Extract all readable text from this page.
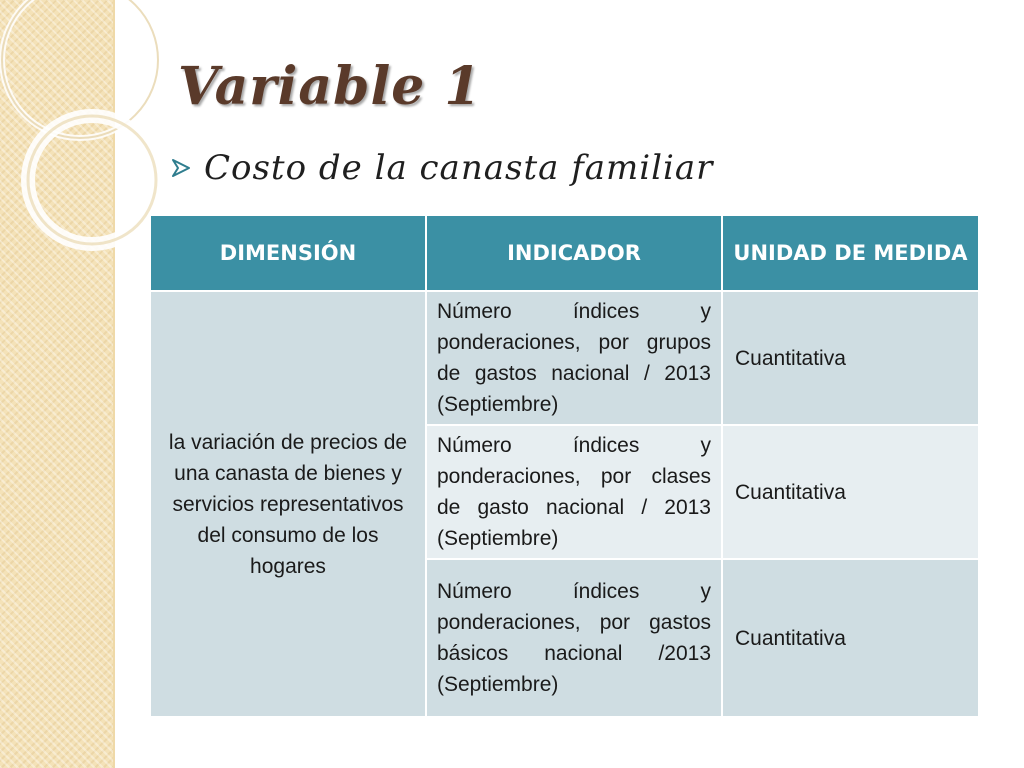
Variable 1
Costo de la canasta familiar
DIMENSIÓN	INDICADOR	UNIDAD DE MEDIDA
la variación de precios de una canasta de bienes y servicios representativos del consumo de los hogares	Número índices y ponderaciones, por grupos de gastos nacional / 2013 (Septiembre)	Cuantitativa
	Número índices y ponderaciones, por clases de gasto nacional / 2013 (Septiembre)	Cuantitativa
	Número índices y ponderaciones, por gastos básicos nacional /2013 (Septiembre)	Cuantitativa
